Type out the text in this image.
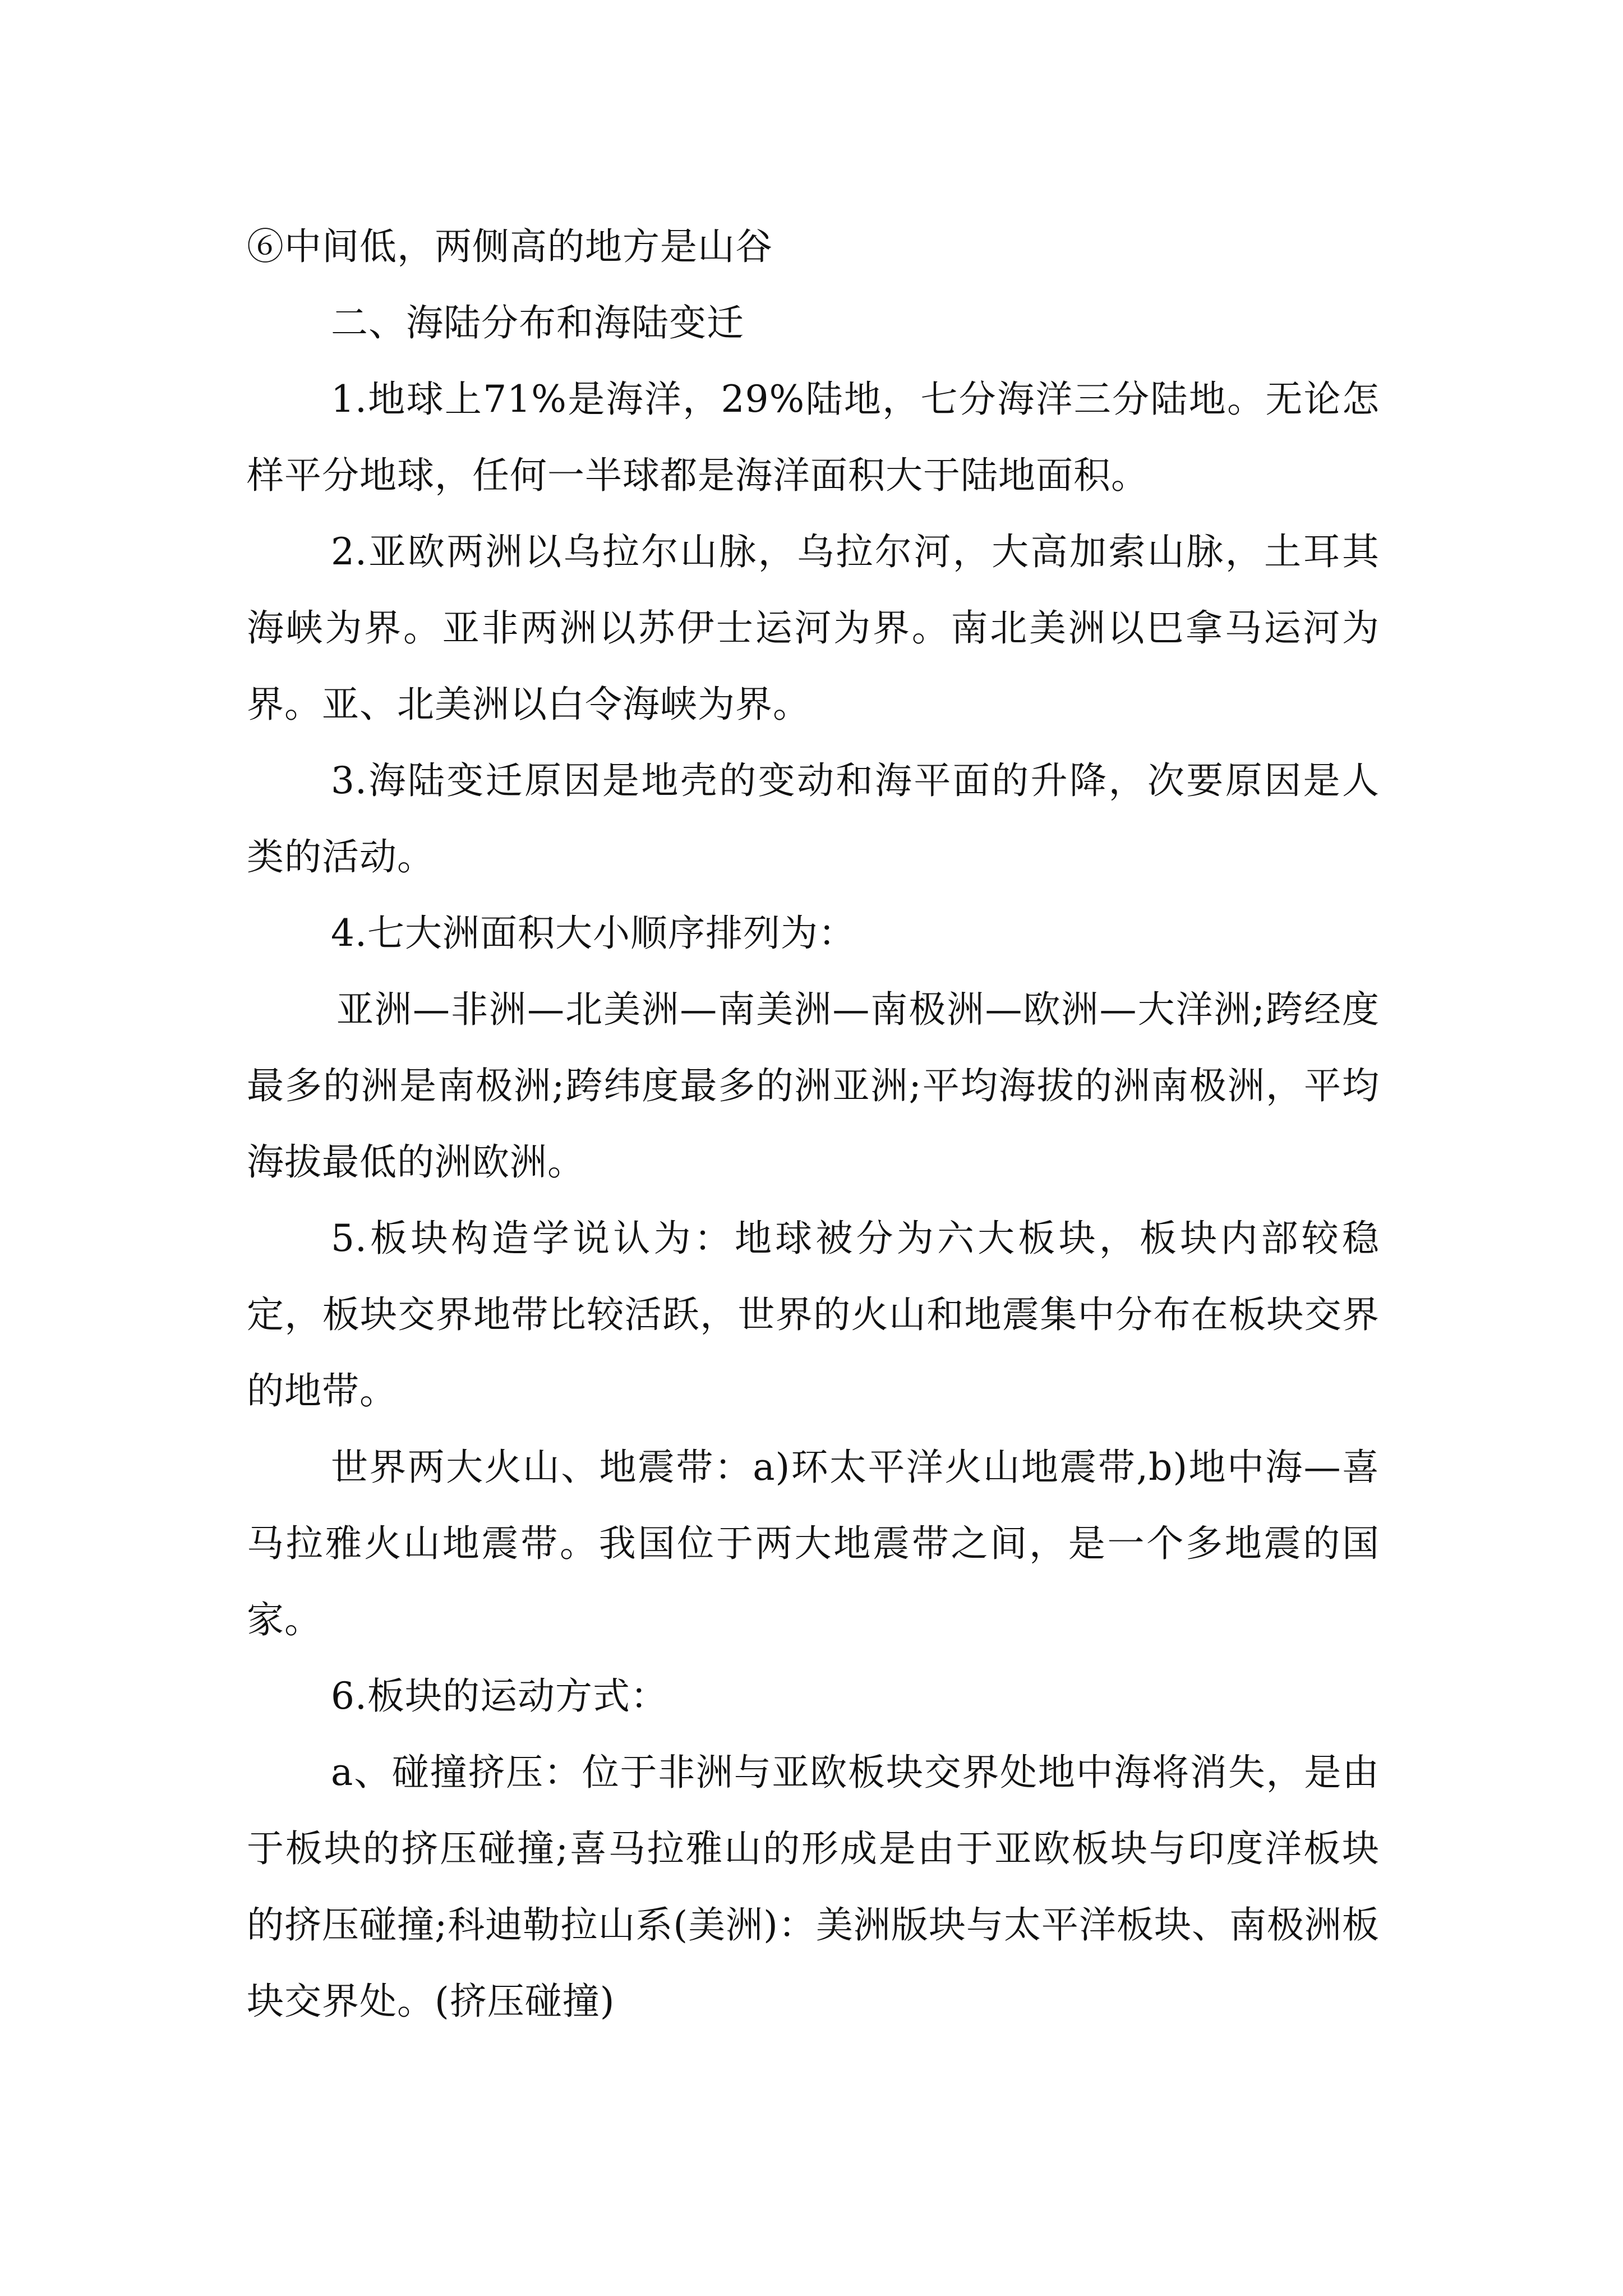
⑥中间低，两侧高的地方是山谷

二、海陆分布和海陆变迁

1.地球上71%是海洋，29%陆地，七分海洋三分陆地。无论怎样平分地球，任何一半球都是海洋面积大于陆地面积。

2.亚欧两洲以乌拉尔山脉，乌拉尔河，大高加索山脉，土耳其海峡为界。亚非两洲以苏伊士运河为界。南北美洲以巴拿马运河为界。亚、北美洲以白令海峡为界。

3.海陆变迁原因是地壳的变动和海平面的升降，次要原因是人类的活动。

4.七大洲面积大小顺序排列为：

亚洲—非洲—北美洲—南美洲—南极洲—欧洲—大洋洲;跨经度最多的洲是南极洲;跨纬度最多的洲亚洲;平均海拔的洲南极洲，平均海拔最低的洲欧洲。

5.板块构造学说认为：地球被分为六大板块，板块内部较稳定，板块交界地带比较活跃，世界的火山和地震集中分布在板块交界的地带。

世界两大火山、地震带：a)环太平洋火山地震带,b)地中海—喜马拉雅火山地震带。我国位于两大地震带之间，是一个多地震的国家。

6.板块的运动方式：

a、碰撞挤压：位于非洲与亚欧板块交界处地中海将消失，是由于板块的挤压碰撞;喜马拉雅山的形成是由于亚欧板块与印度洋板块的挤压碰撞;科迪勒拉山系(美洲)：美洲版块与太平洋板块、南极洲板块交界处。(挤压碰撞)
